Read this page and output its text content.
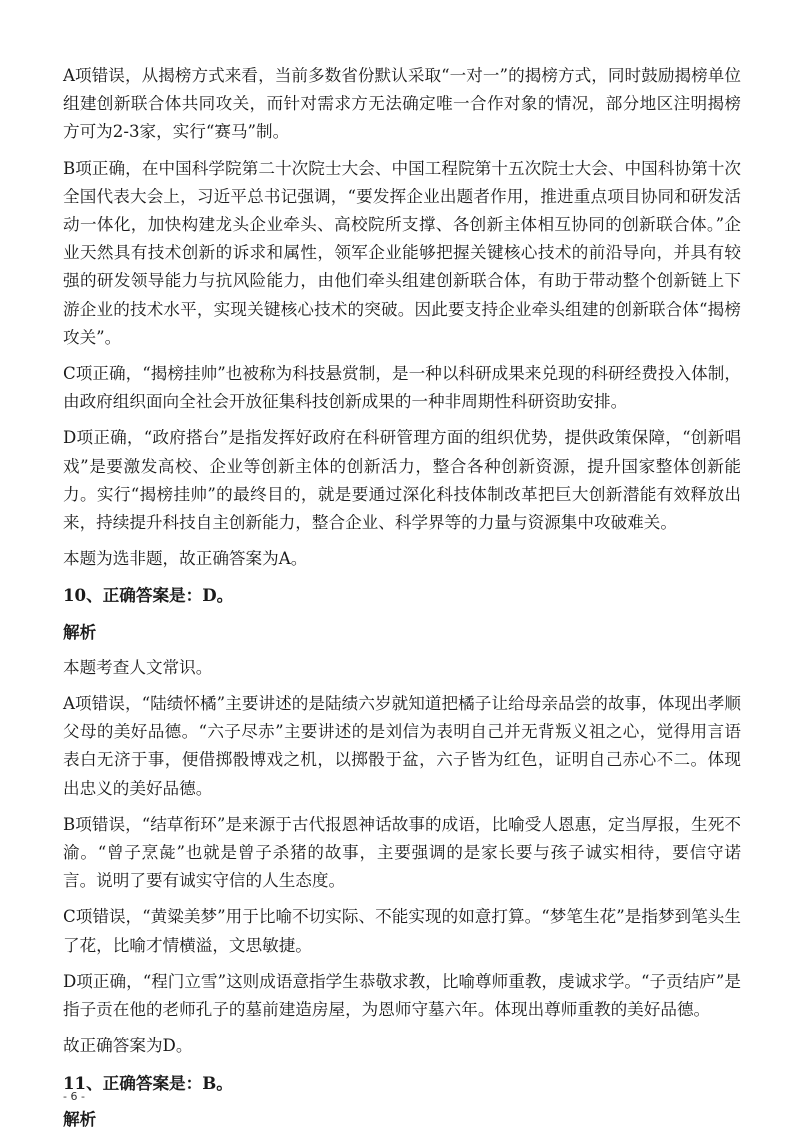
A项错误，从揭榜方式来看，当前多数省份默认采取“一对一”的揭榜方式，同时鼓励揭榜单位组建创新联合体共同攻关，而针对需求方无法确定唯一合作对象的情况，部分地区注明揭榜方可为2-3家，实行“赛马”制。

B项正确，在中国科学院第二十次院士大会、中国工程院第十五次院士大会、中国科协第十次全国代表大会上，习近平总书记强调，“要发挥企业出题者作用，推进重点项目协同和研发活动一体化，加快构建龙头企业牵头、高校院所支撑、各创新主体相互协同的创新联合体。”企业天然具有技术创新的诉求和属性，领军企业能够把握关键核心技术的前沿导向，并具有较强的研发领导能力与抗风险能力，由他们牵头组建创新联合体，有助于带动整个创新链上下游企业的技术水平，实现关键核心技术的突破。因此要支持企业牵头组建的创新联合体“揭榜攻关”。

C项正确，“揭榜挂帅”也被称为科技悬赏制，是一种以科研成果来兑现的科研经费投入体制，由政府组织面向全社会开放征集科技创新成果的一种非周期性科研资助安排。

D项正确，“政府搭台”是指发挥好政府在科研管理方面的组织优势，提供政策保障，“创新唱戏”是要激发高校、企业等创新主体的创新活力，整合各种创新资源，提升国家整体创新能力。实行“揭榜挂帅”的最终目的，就是要通过深化科技体制改革把巨大创新潜能有效释放出来，持续提升科技自主创新能力，整合企业、科学界等的力量与资源集中攻破难关。

本题为选非题，故正确答案为A。

10、正确答案是：D。

解析

本题考查人文常识。

A项错误，“陆绩怀橘”主要讲述的是陆绩六岁就知道把橘子让给母亲品尝的故事，体现出孝顺父母的美好品德。“六子尽赤”主要讲述的是刘信为表明自己并无背叛义祖之心，觉得用言语表白无济于事，便借掷骰博戏之机，以掷骰于盆，六子皆为红色，证明自己赤心不二。体现出忠义的美好品德。

B项错误，“结草衔环”是来源于古代报恩神话故事的成语，比喻受人恩惠，定当厚报，生死不渝。“曾子烹彘”也就是曾子杀猪的故事，主要强调的是家长要与孩子诚实相待，要信守诺言。说明了要有诚实守信的人生态度。

C项错误，“黄粱美梦”用于比喻不切实际、不能实现的如意打算。“梦笔生花”是指梦到笔头生了花，比喻才情横溢，文思敏捷。

D项正确，“程门立雪”这则成语意指学生恭敬求教，比喻尊师重教，虔诚求学。“子贡结庐”是指子贡在他的老师孔子的墓前建造房屋，为恩师守墓六年。体现出尊师重教的美好品德。

故正确答案为D。

11、正确答案是：B。

解析

- 6 -
